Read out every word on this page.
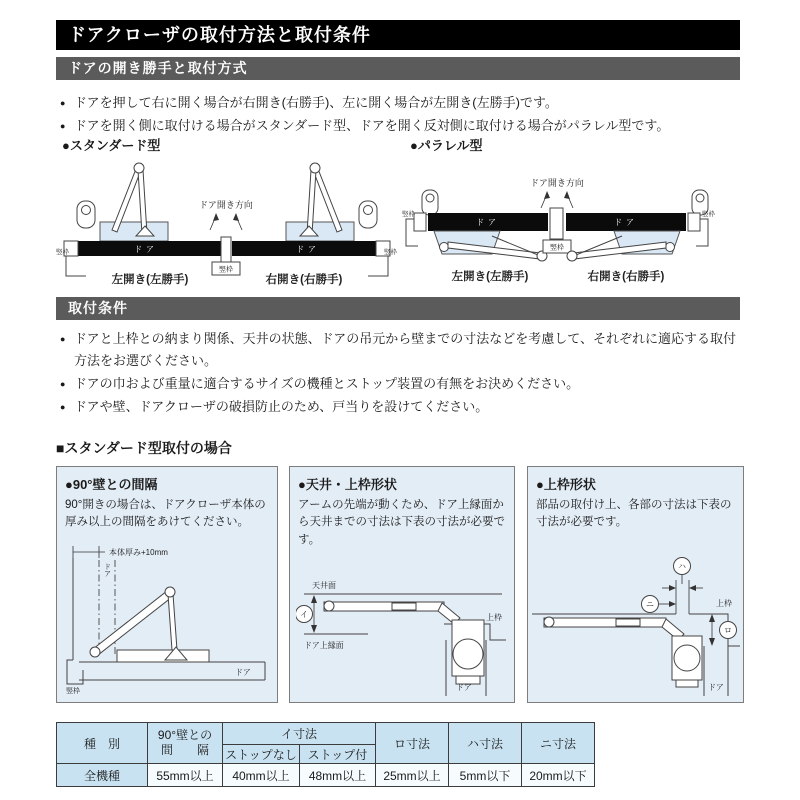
ドアクローザの取付方法と取付条件
ドアの開き勝手と取付方式
● ドアを押して右に開く場合が右開き(右勝手)、左に開く場合が左開き(左勝手)です。
● ドアを開く側に取付ける場合がスタンダード型、ドアを開く反対側に取付ける場合がパラレル型です。
●スタンダード型	●パラレル型
ドア開き方向
ドア
竪枠
左開き(左勝手)
竪枠
ドア	竪枠
右開き(右勝手)
ドア開き方向
ドア
竪枠
左開き(左勝手)
竪枠
ドア
竪枠
右開き(右勝手)
取付条件
● ドアと上枠との納まり関係、天井の状態、ドアの吊元から壁までの寸法などを考慮して、それぞれに適応する取付方法をお選びください。
● ドアの巾および重量に適合するサイズの機種とストップ装置の有無をお決めください。
● ドアや壁、ドアクローザの破損防止のため、戸当りを設けてください。
■スタンダード型取付の場合
●90°壁との間隔
90°開きの場合は、ドアクローザ本体の厚み以上の間隔をあけてください。
本体厚み+10mm
竪枠
ドア
ドア
●天井・上枠形状
アームの先端が動くため、ドア上縁面から天井までの寸法は下表の寸法が必要です。
天井面
イ
ドア上縁面
上枠
ドア
●上枠形状
部品の取付け上、各部の寸法は下表の寸法が必要です。
ハ
ニ	上枠
ロ
ドア
種　別	90°壁との
間　　隔	イ寸法		ロ寸法	ハ寸法	ニ寸法
		ストップなし	ストップ付			
全機種	55mm以上	40mm以上	48mm以上	25mm以上	5mm以下	20mm以下
